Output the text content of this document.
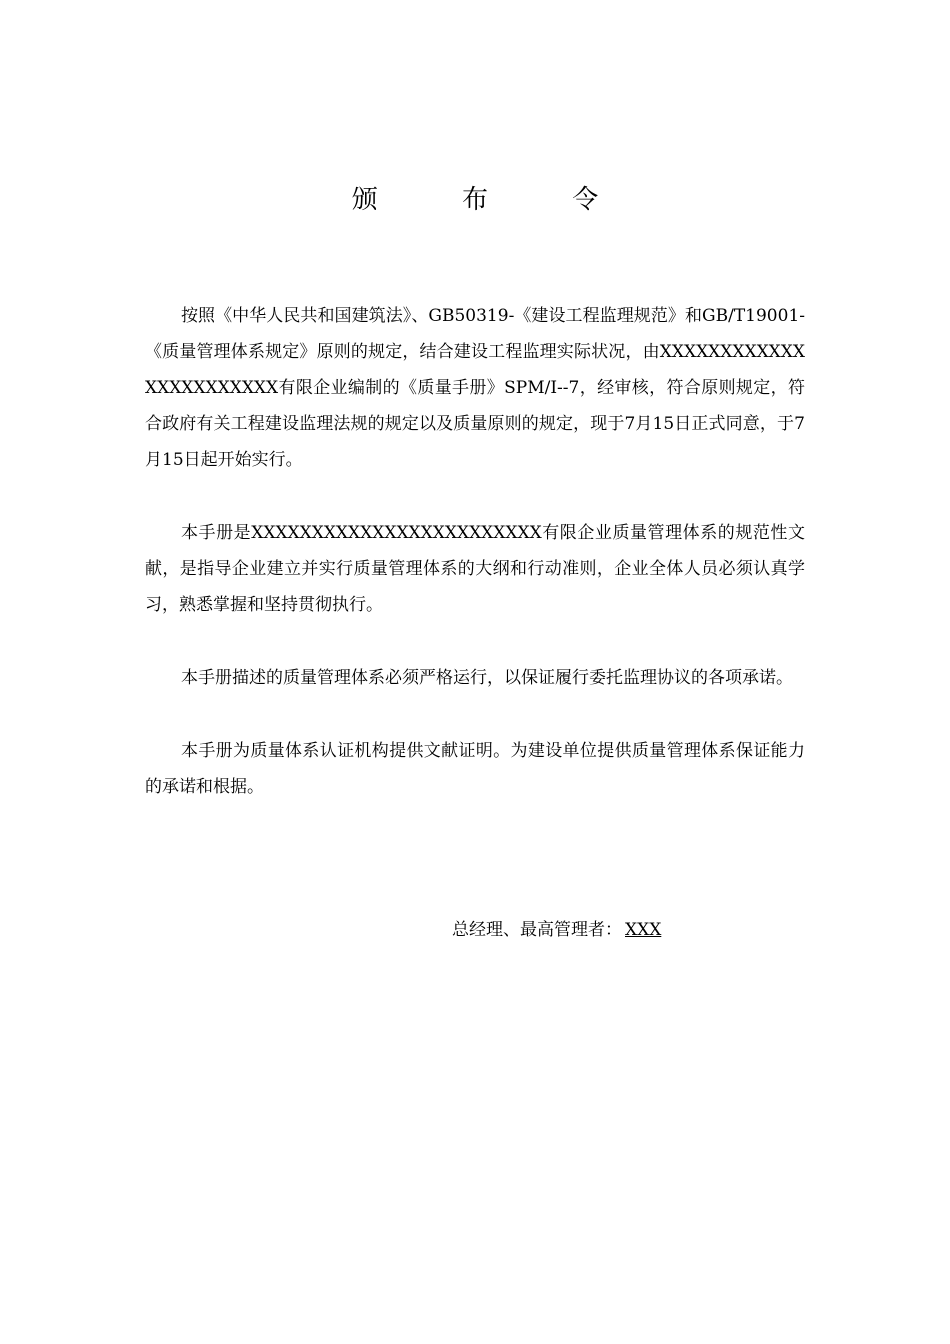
颁 布 令

按照《中华人民共和国建筑法》、GB50319-《建设工程监理规范》和GB/T19001-《质量管理体系规定》原则的规定，结合建设工程监理实际状况，由XXXXXXXXXXXXXXXXXXXXXXX有限企业编制的《质量手册》SPM/I--7，经审核，符合原则规定，符合政府有关工程建设监理法规的规定以及质量原则的规定，现于7月15日正式同意，于7月15日起开始实行。

本手册是XXXXXXXXXXXXXXXXXXXXXXXX有限企业质量管理体系的规范性文献，是指导企业建立并实行质量管理体系的大纲和行动准则，企业全体人员必须认真学习，熟悉掌握和坚持贯彻执行。

本手册描述的质量管理体系必须严格运行，以保证履行委托监理协议的各项承诺。

本手册为质量体系认证机构提供文献证明。为建设单位提供质量管理体系保证能力的承诺和根据。

总经理、最高管理者： XXX
